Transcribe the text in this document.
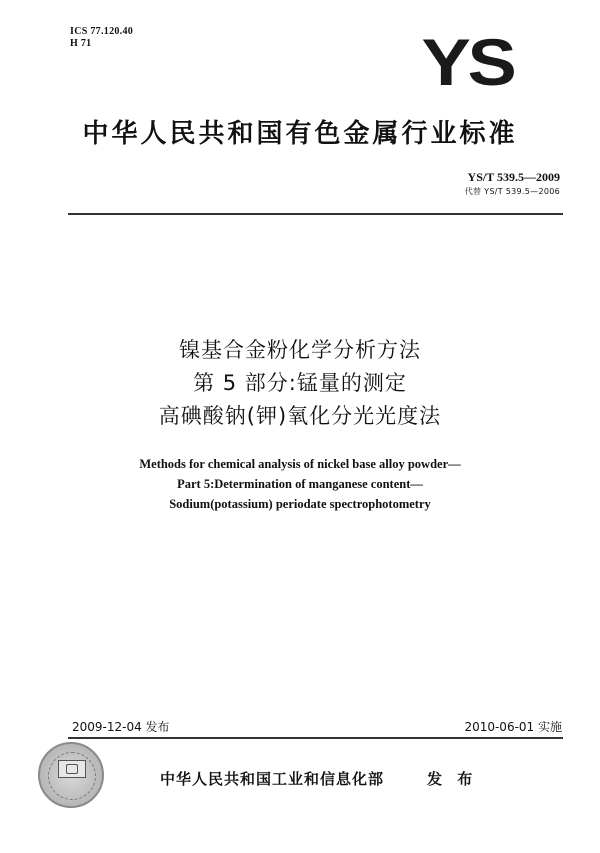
ICS 77.120.40
H 71	YS
中华人民共和国有色金属行业标准
YS/T 539.5—2009
代替 YS/T 539.5—2006
镍基合金粉化学分析方法
第 5 部分:锰量的测定
高碘酸钠(钾)氧化分光光度法
Methods for chemical analysis of nickel base alloy powder—
Part 5:Determination of manganese content—
Sodium(potassium) periodate spectrophotometry
2009-12-04 发布	2010-06-01 实施
中华人民共和国工业和信息化部	发 布
